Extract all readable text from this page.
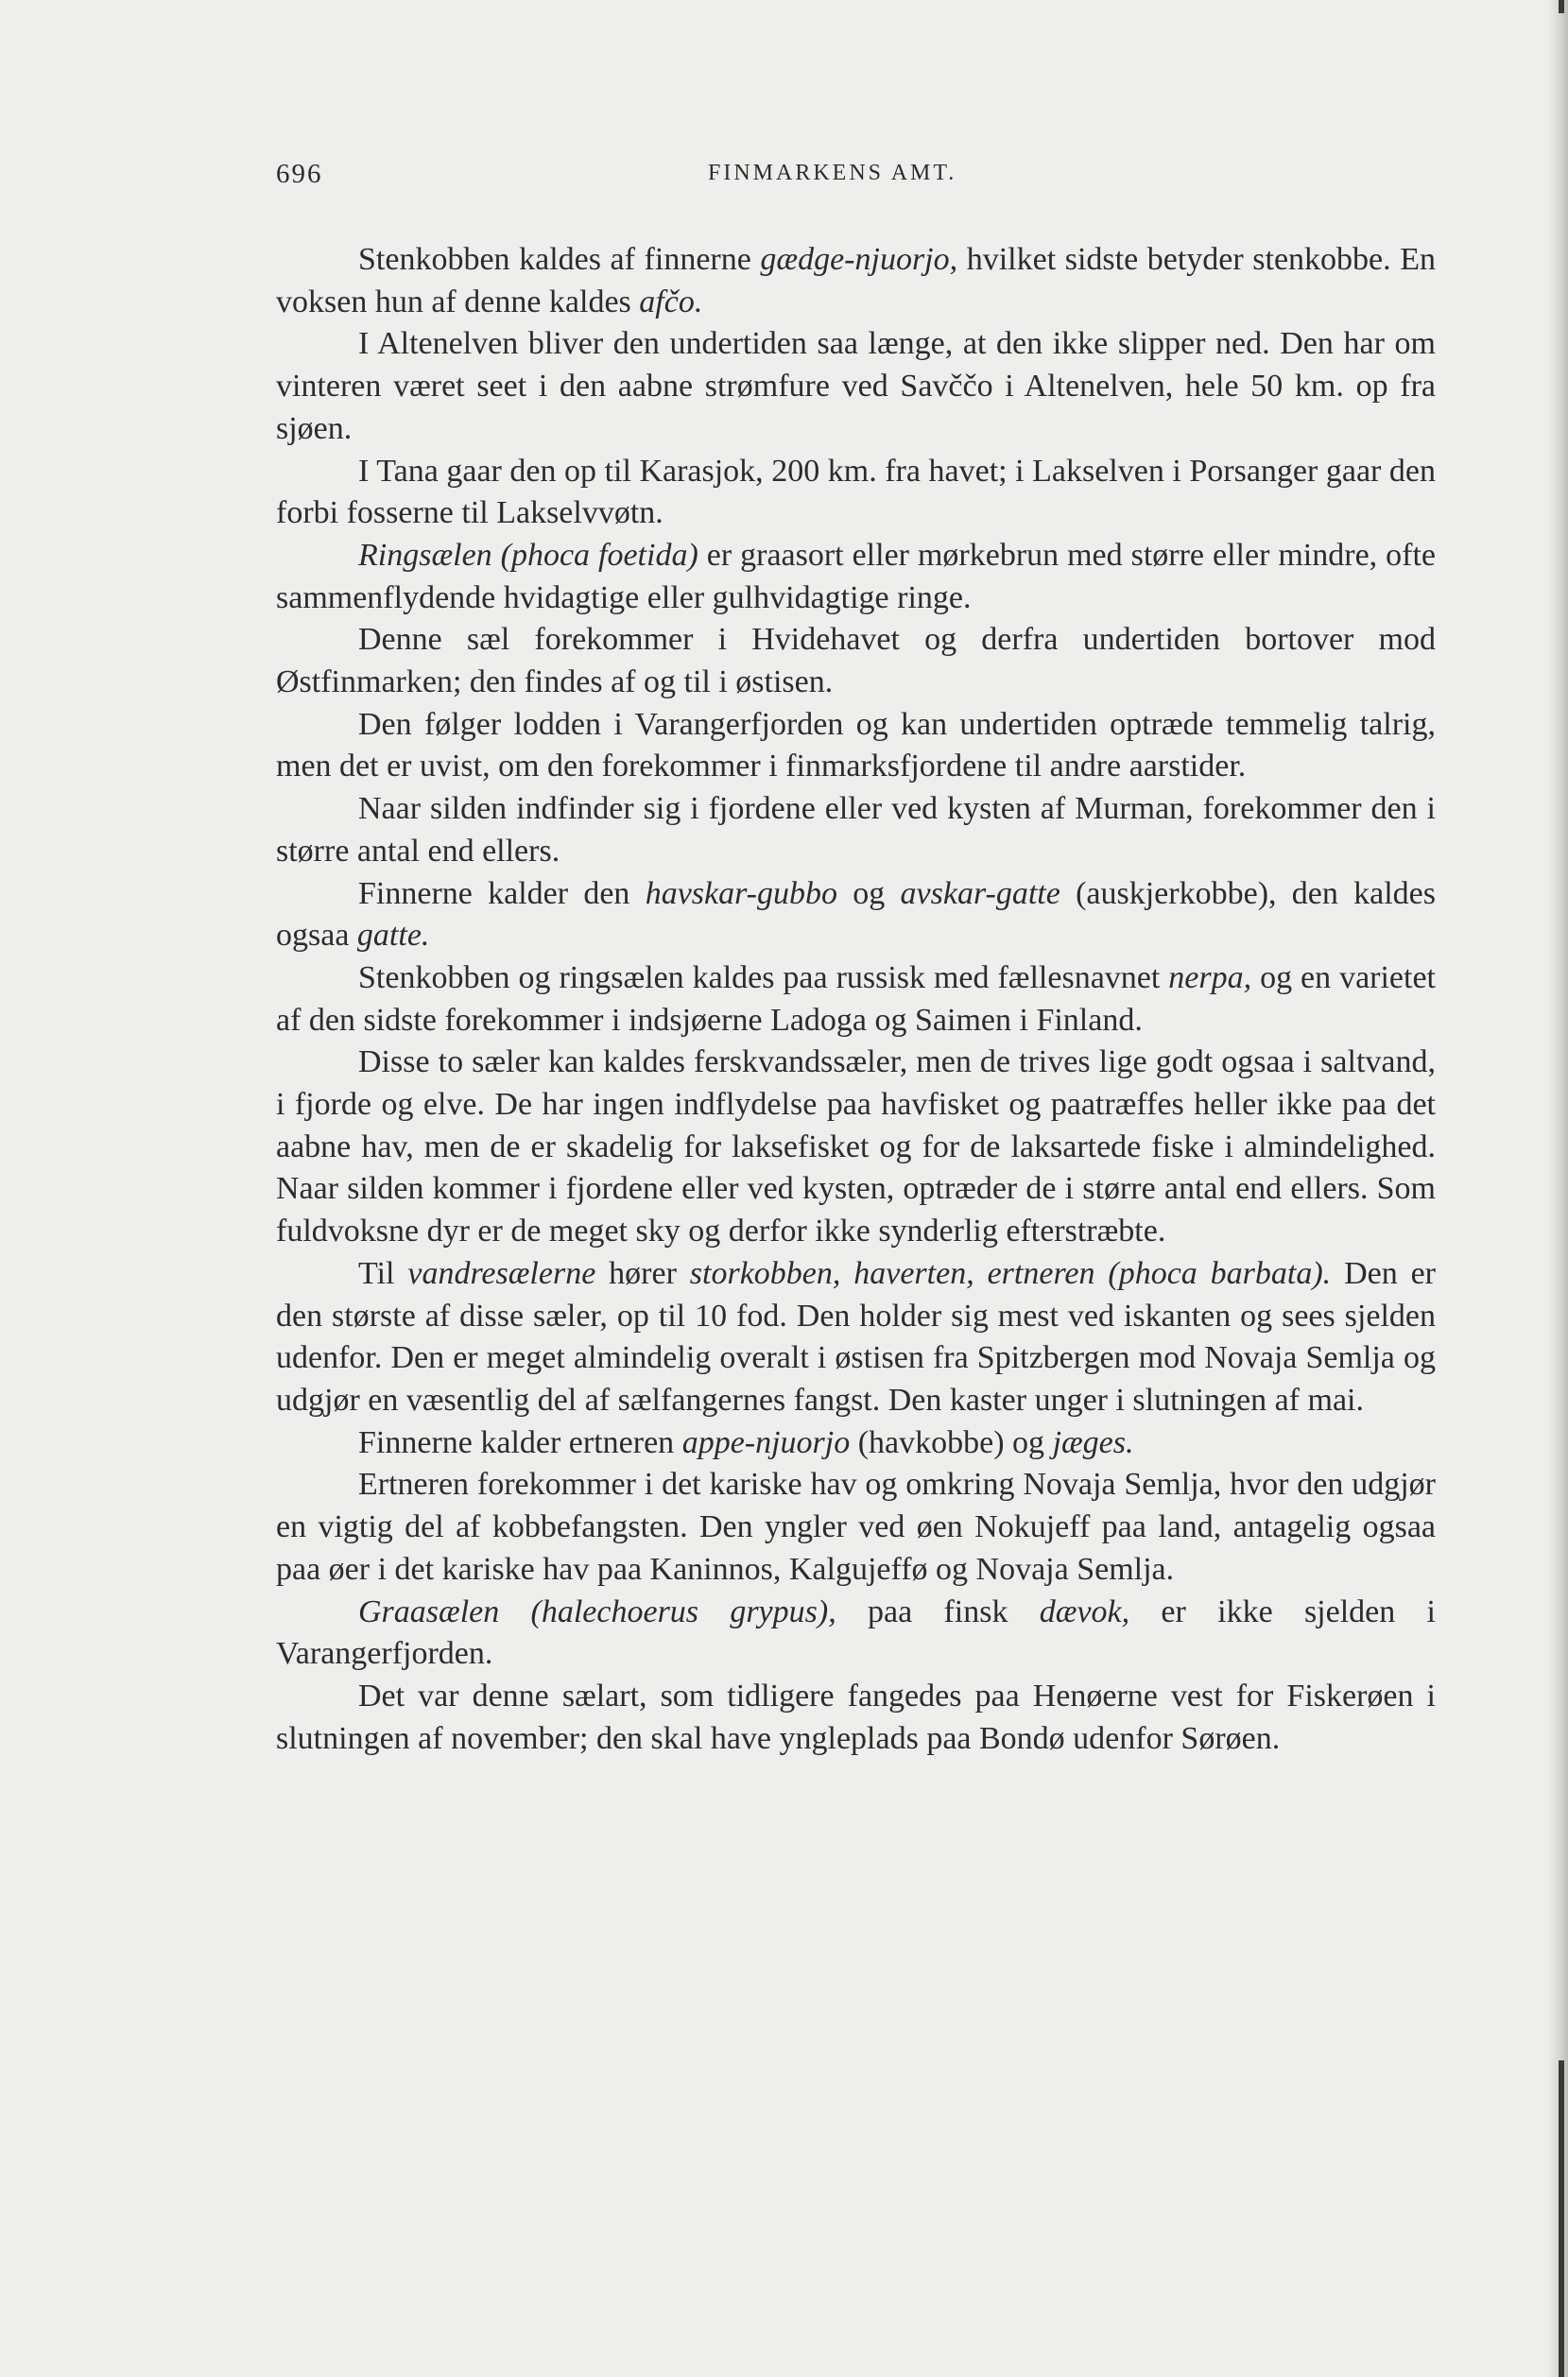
696	FINMARKENS AMT.

Stenkobben kaldes af finnerne gædge-njuorjo, hvilket sidste betyder stenkobbe. En voksen hun af denne kaldes afčo.

I Altenelven bliver den undertiden saa længe, at den ikke slipper ned. Den har om vinteren været seet i den aabne strømfure ved Savččo i Altenelven, hele 50 km. op fra sjøen.

I Tana gaar den op til Karasjok, 200 km. fra havet; i Lakselven i Porsanger gaar den forbi fosserne til Lakselvvøtn.

Ringsælen (phoca foetida) er graasort eller mørkebrun med større eller mindre, ofte sammenflydende hvidagtige eller gulhvidagtige ringe.

Denne sæl forekommer i Hvidehavet og derfra undertiden bortover mod Østfinmarken; den findes af og til i østisen.

Den følger lodden i Varangerfjorden og kan undertiden optræde temmelig talrig, men det er uvist, om den forekommer i finmarksfjordene til andre aarstider.

Naar silden indfinder sig i fjordene eller ved kysten af Murman, forekommer den i større antal end ellers.

Finnerne kalder den havskar-gubbo og avskar-gatte (auskjerkobbe), den kaldes ogsaa gatte.

Stenkobben og ringsælen kaldes paa russisk med fællesnavnet nerpa, og en varietet af den sidste forekommer i indsjøerne Ladoga og Saimen i Finland.

Disse to sæler kan kaldes ferskvandssæler, men de trives lige godt ogsaa i saltvand, i fjorde og elve. De har ingen indflydelse paa havfisket og paatræffes heller ikke paa det aabne hav, men de er skadelig for laksefisket og for de laksartede fiske i almindelighed. Naar silden kommer i fjordene eller ved kysten, optræder de i større antal end ellers. Som fuldvoksne dyr er de meget sky og derfor ikke synderlig efterstræbte.

Til vandresælerne hører storkobben, haverten, ertneren (phoca barbata). Den er den største af disse sæler, op til 10 fod. Den holder sig mest ved iskanten og sees sjelden udenfor. Den er meget almindelig overalt i østisen fra Spitzbergen mod Novaja Semlja og udgjør en væsentlig del af sælfangernes fangst. Den kaster unger i slutningen af mai.

Finnerne kalder ertneren appe-njuorjo (havkobbe) og jæges.

Ertneren forekommer i det kariske hav og omkring Novaja Semlja, hvor den udgjør en vigtig del af kobbefangsten. Den yngler ved øen Nokujeff paa land, antagelig ogsaa paa øer i det kariske hav paa Kaninnos, Kalgujeffø og Novaja Semlja.

Graasælen (halechoerus grypus), paa finsk dævok, er ikke sjelden i Varangerfjorden.

Det var denne sælart, som tidligere fangedes paa Henøerne vest for Fiskerøen i slutningen af november; den skal have yngleplads paa Bondø udenfor Sørøen.
